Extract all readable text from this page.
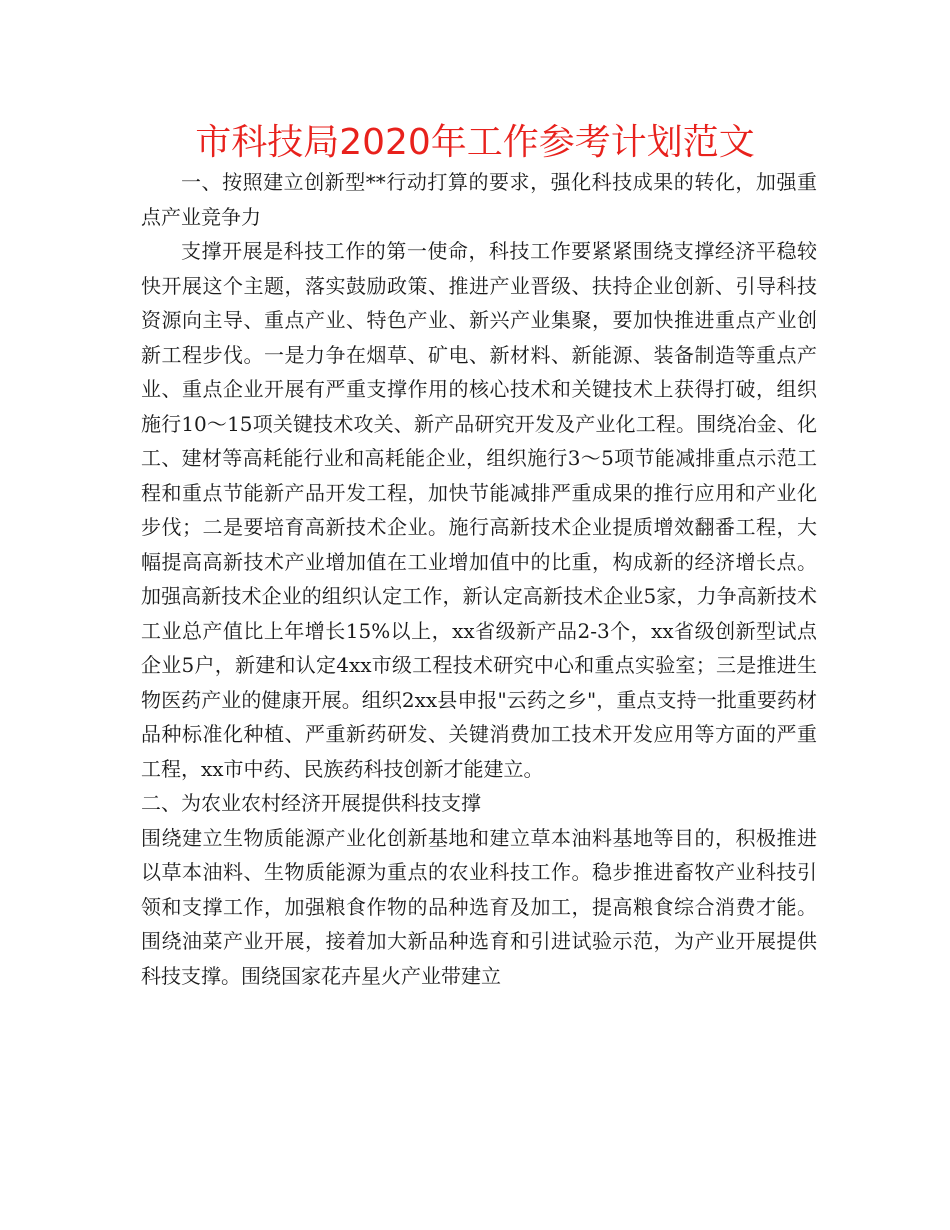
市科技局2020年工作参考计划范文

一、按照建立创新型**行动打算的要求，强化科技成果的转化，加强重点产业竞争力

支撑开展是科技工作的第一使命，科技工作要紧紧围绕支撑经济平稳较快开展这个主题，落实鼓励政策、推进产业晋级、扶持企业创新、引导科技资源向主导、重点产业、特色产业、新兴产业集聚，要加快推进重点产业创新工程步伐。一是力争在烟草、矿电、新材料、新能源、装备制造等重点产业、重点企业开展有严重支撑作用的核心技术和关键技术上获得打破，组织施行10～15项关键技术攻关、新产品研究开发及产业化工程。围绕冶金、化工、建材等高耗能行业和高耗能企业，组织施行3～5项节能减排重点示范工程和重点节能新产品开发工程，加快节能减排严重成果的推行应用和产业化步伐；二是要培育高新技术企业。施行高新技术企业提质增效翻番工程，大幅提高高新技术产业增加值在工业增加值中的比重，构成新的经济增长点。加强高新技术企业的组织认定工作，新认定高新技术企业5家，力争高新技术工业总产值比上年增长15%以上，xx省级新产品2-3个，xx省级创新型试点企业5户，新建和认定4xx市级工程技术研究中心和重点实验室；三是推进生物医药产业的健康开展。组织2xx县申报"云药之乡"，重点支持一批重要药材品种标准化种植、严重新药研发、关键消费加工技术开发应用等方面的严重工程，xx市中药、民族药科技创新才能建立。

二、为农业农村经济开展提供科技支撑

围绕建立生物质能源产业化创新基地和建立草本油料基地等目的，积极推进以草本油料、生物质能源为重点的农业科技工作。稳步推进畜牧产业科技引领和支撑工作，加强粮食作物的品种选育及加工，提高粮食综合消费才能。围绕油菜产业开展，接着加大新品种选育和引进试验示范，为产业开展提供科技支撑。围绕国家花卉星火产业带建立
